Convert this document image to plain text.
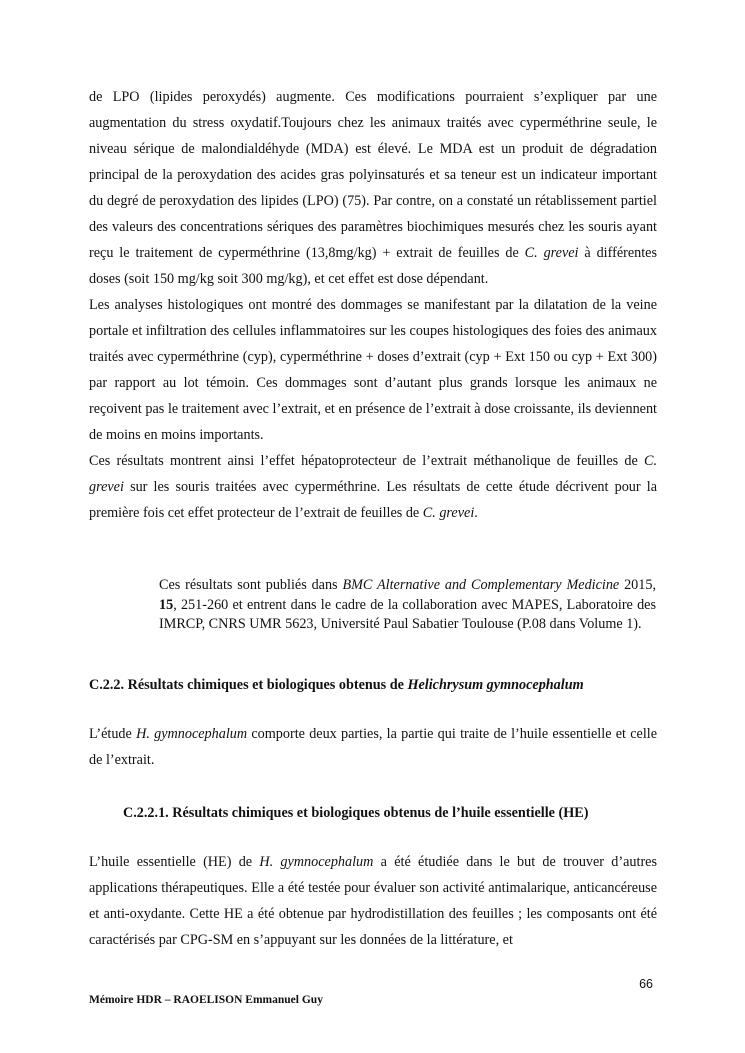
de LPO (lipides peroxydés) augmente. Ces modifications pourraient s’expliquer par une augmentation du stress oxydatif.Toujours chez les animaux traités avec cyperméthrine seule, le niveau sérique de malondialdéhyde (MDA) est élevé. Le MDA est un produit de dégradation principal de la peroxydation des acides gras polyinsaturés et sa teneur est un indicateur important du degré de peroxydation des lipides (LPO) (75). Par contre, on a constaté un rétablissement partiel des valeurs des concentrations sériques des paramètres biochimiques mesurés chez les souris ayant reçu le traitement de cyperméthrine (13,8mg/kg) + extrait de feuilles de C. grevei à différentes doses (soit 150 mg/kg soit 300 mg/kg), et cet effet est dose dépendant.

Les analyses histologiques ont montré des dommages se manifestant par la dilatation de la veine portale et infiltration des cellules inflammatoires sur les coupes histologiques des foies des animaux traités avec cyperméthrine (cyp), cyperméthrine + doses d’extrait (cyp + Ext 150 ou cyp + Ext 300) par rapport au lot témoin. Ces dommages sont d’autant plus grands lorsque les animaux ne reçoivent pas le traitement avec l’extrait, et en présence de l’extrait à dose croissante, ils deviennent de moins en moins importants.

Ces résultats montrent ainsi l’effet hépatoprotecteur de l’extrait méthanolique de feuilles de C. grevei sur les souris traitées avec cyperméthrine. Les résultats de cette étude décrivent pour la première fois cet effet protecteur de l’extrait de feuilles de C. grevei.

Ces résultats sont publiés dans BMC Alternative and Complementary Medicine 2015, 15, 251-260 et entrent dans le cadre de la collaboration avec MAPES, Laboratoire des IMRCP, CNRS UMR 5623, Université Paul Sabatier Toulouse (P.08 dans Volume 1).
C.2.2. Résultats chimiques et biologiques obtenus de Helichrysum gymnocephalum

L’étude H. gymnocephalum comporte deux parties, la partie qui traite de l’huile essentielle et celle de l’extrait.

C.2.2.1. Résultats chimiques et biologiques obtenus de l’huile essentielle (HE)

L’huile essentielle (HE) de H. gymnocephalum a été étudiée dans le but de trouver d’autres applications thérapeutiques. Elle a été testée pour évaluer son activité antimalarique, anticancéreuse et anti-oxydante. Cette HE a été obtenue par hydrodistillation des feuilles ; les composants ont été caractérisés par CPG-SM en s’appuyant sur les données de la littérature, et

66
Mémoire HDR – RAOELISON Emmanuel Guy
